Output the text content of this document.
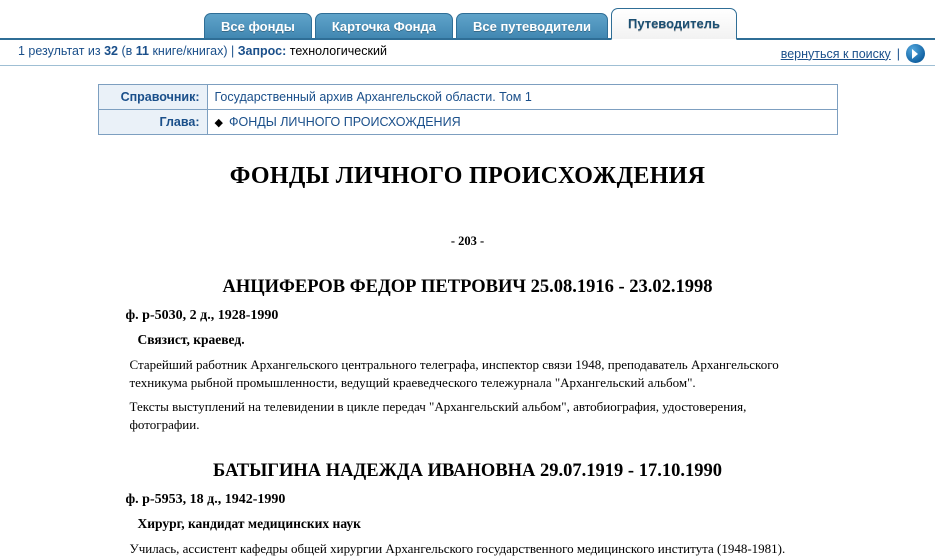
Все фонды	Карточка Фонда	Все путеводители	Путеводитель
1 результат из 32 (в 11 книге/книгах) | Запрос: технологический	вернуться к поиску |
Справочник:	Государственный архив Архангельской области. Том 1
Глава:	◆ ФОНДЫ ЛИЧНОГО ПРОИСХОЖДЕНИЯ
ФОНДЫ ЛИЧНОГО ПРОИСХОЖДЕНИЯ
- 203 -
АНЦИФЕРОВ ФЕДОР ПЕТРОВИЧ 25.08.1916 - 23.02.1998
ф. р-5030, 2 д., 1928-1990
Связист, краевед.
Старейший работник Архангельского центрального телеграфа, инспектор связи 1948, преподаватель Архангельского техникума рыбной промышленности, ведущий краеведческого тележурнала "Архангельский альбом".
Тексты выступлений на телевидении в цикле передач "Архангельский альбом", автобиография, удостоверения, фотографии.
БАТЫГИНА НАДЕЖДА ИВАНОВНА 29.07.1919 - 17.10.1990
ф. р-5953, 18 д., 1942-1990
Хирург, кандидат медицинских наук
Училась, ассистент кафедры общей хирургии Архангельского государственного медицинского института (1948-1981).
